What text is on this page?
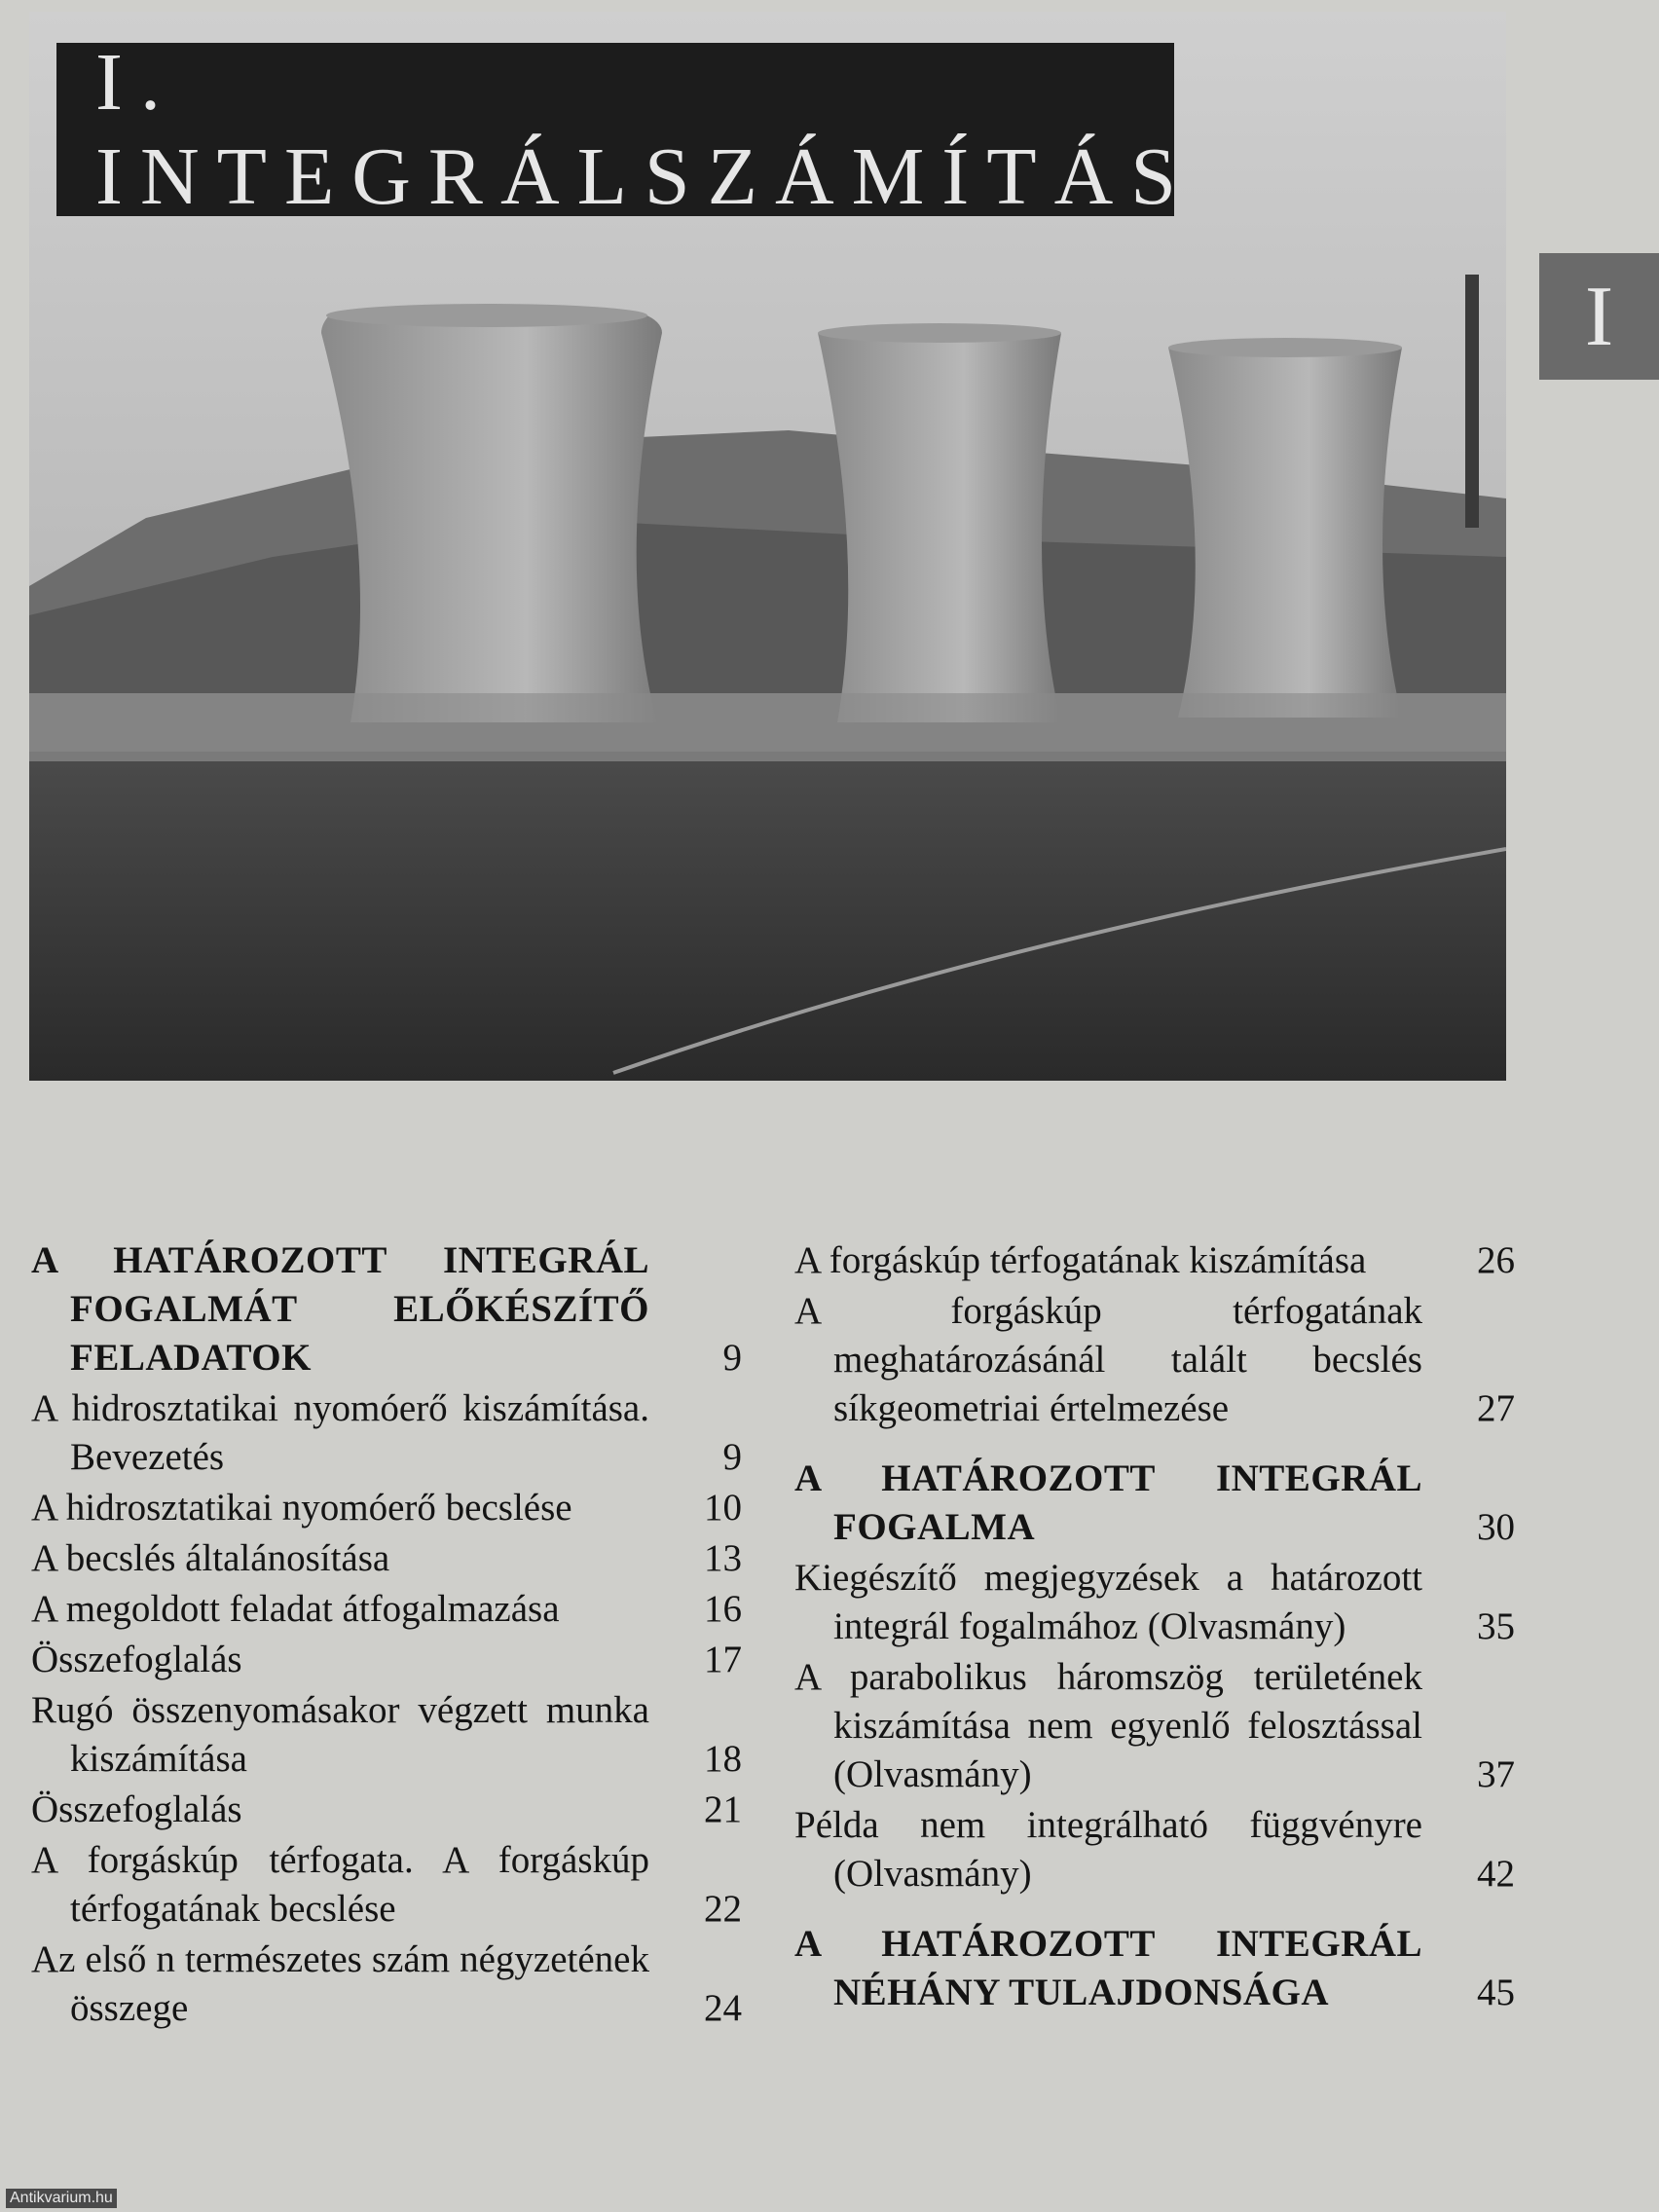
I. INTEGRÁLSZÁMÍTÁS
I
A HATÁROZOTT INTEGRÁL FOGALMÁT ELŐKÉSZÍTŐ FELADATOK	9
A hidrosztatikai nyomóerő kiszámítása. Bevezetés	9
A hidrosztatikai nyomóerő becslése	10
A becslés általánosítása	13
A megoldott feladat átfogalmazása	16
Összefoglalás	17
Rugó összenyomásakor végzett munka kiszámítása	18
Összefoglalás	21
A forgáskúp térfogata. A forgáskúp térfogatának becslése	22
Az első n természetes szám négyzetének összege	24
A forgáskúp térfogatának kiszámítása	26
A forgáskúp térfogatának meghatározásánál talált becslés síkgeometriai értelmezése	27
A HATÁROZOTT INTEGRÁL FOGALMA	30
Kiegészítő megjegyzések a határozott integrál fogalmához (Olvasmány)	35
A parabolikus háromszög területének kiszámítása nem egyenlő felosztással (Olvasmány)	37
Példa nem integrálható függvényre (Olvasmány)	42
A HATÁROZOTT INTEGRÁL NÉHÁNY TULAJDONSÁGA	45
Antikvarium.hu
